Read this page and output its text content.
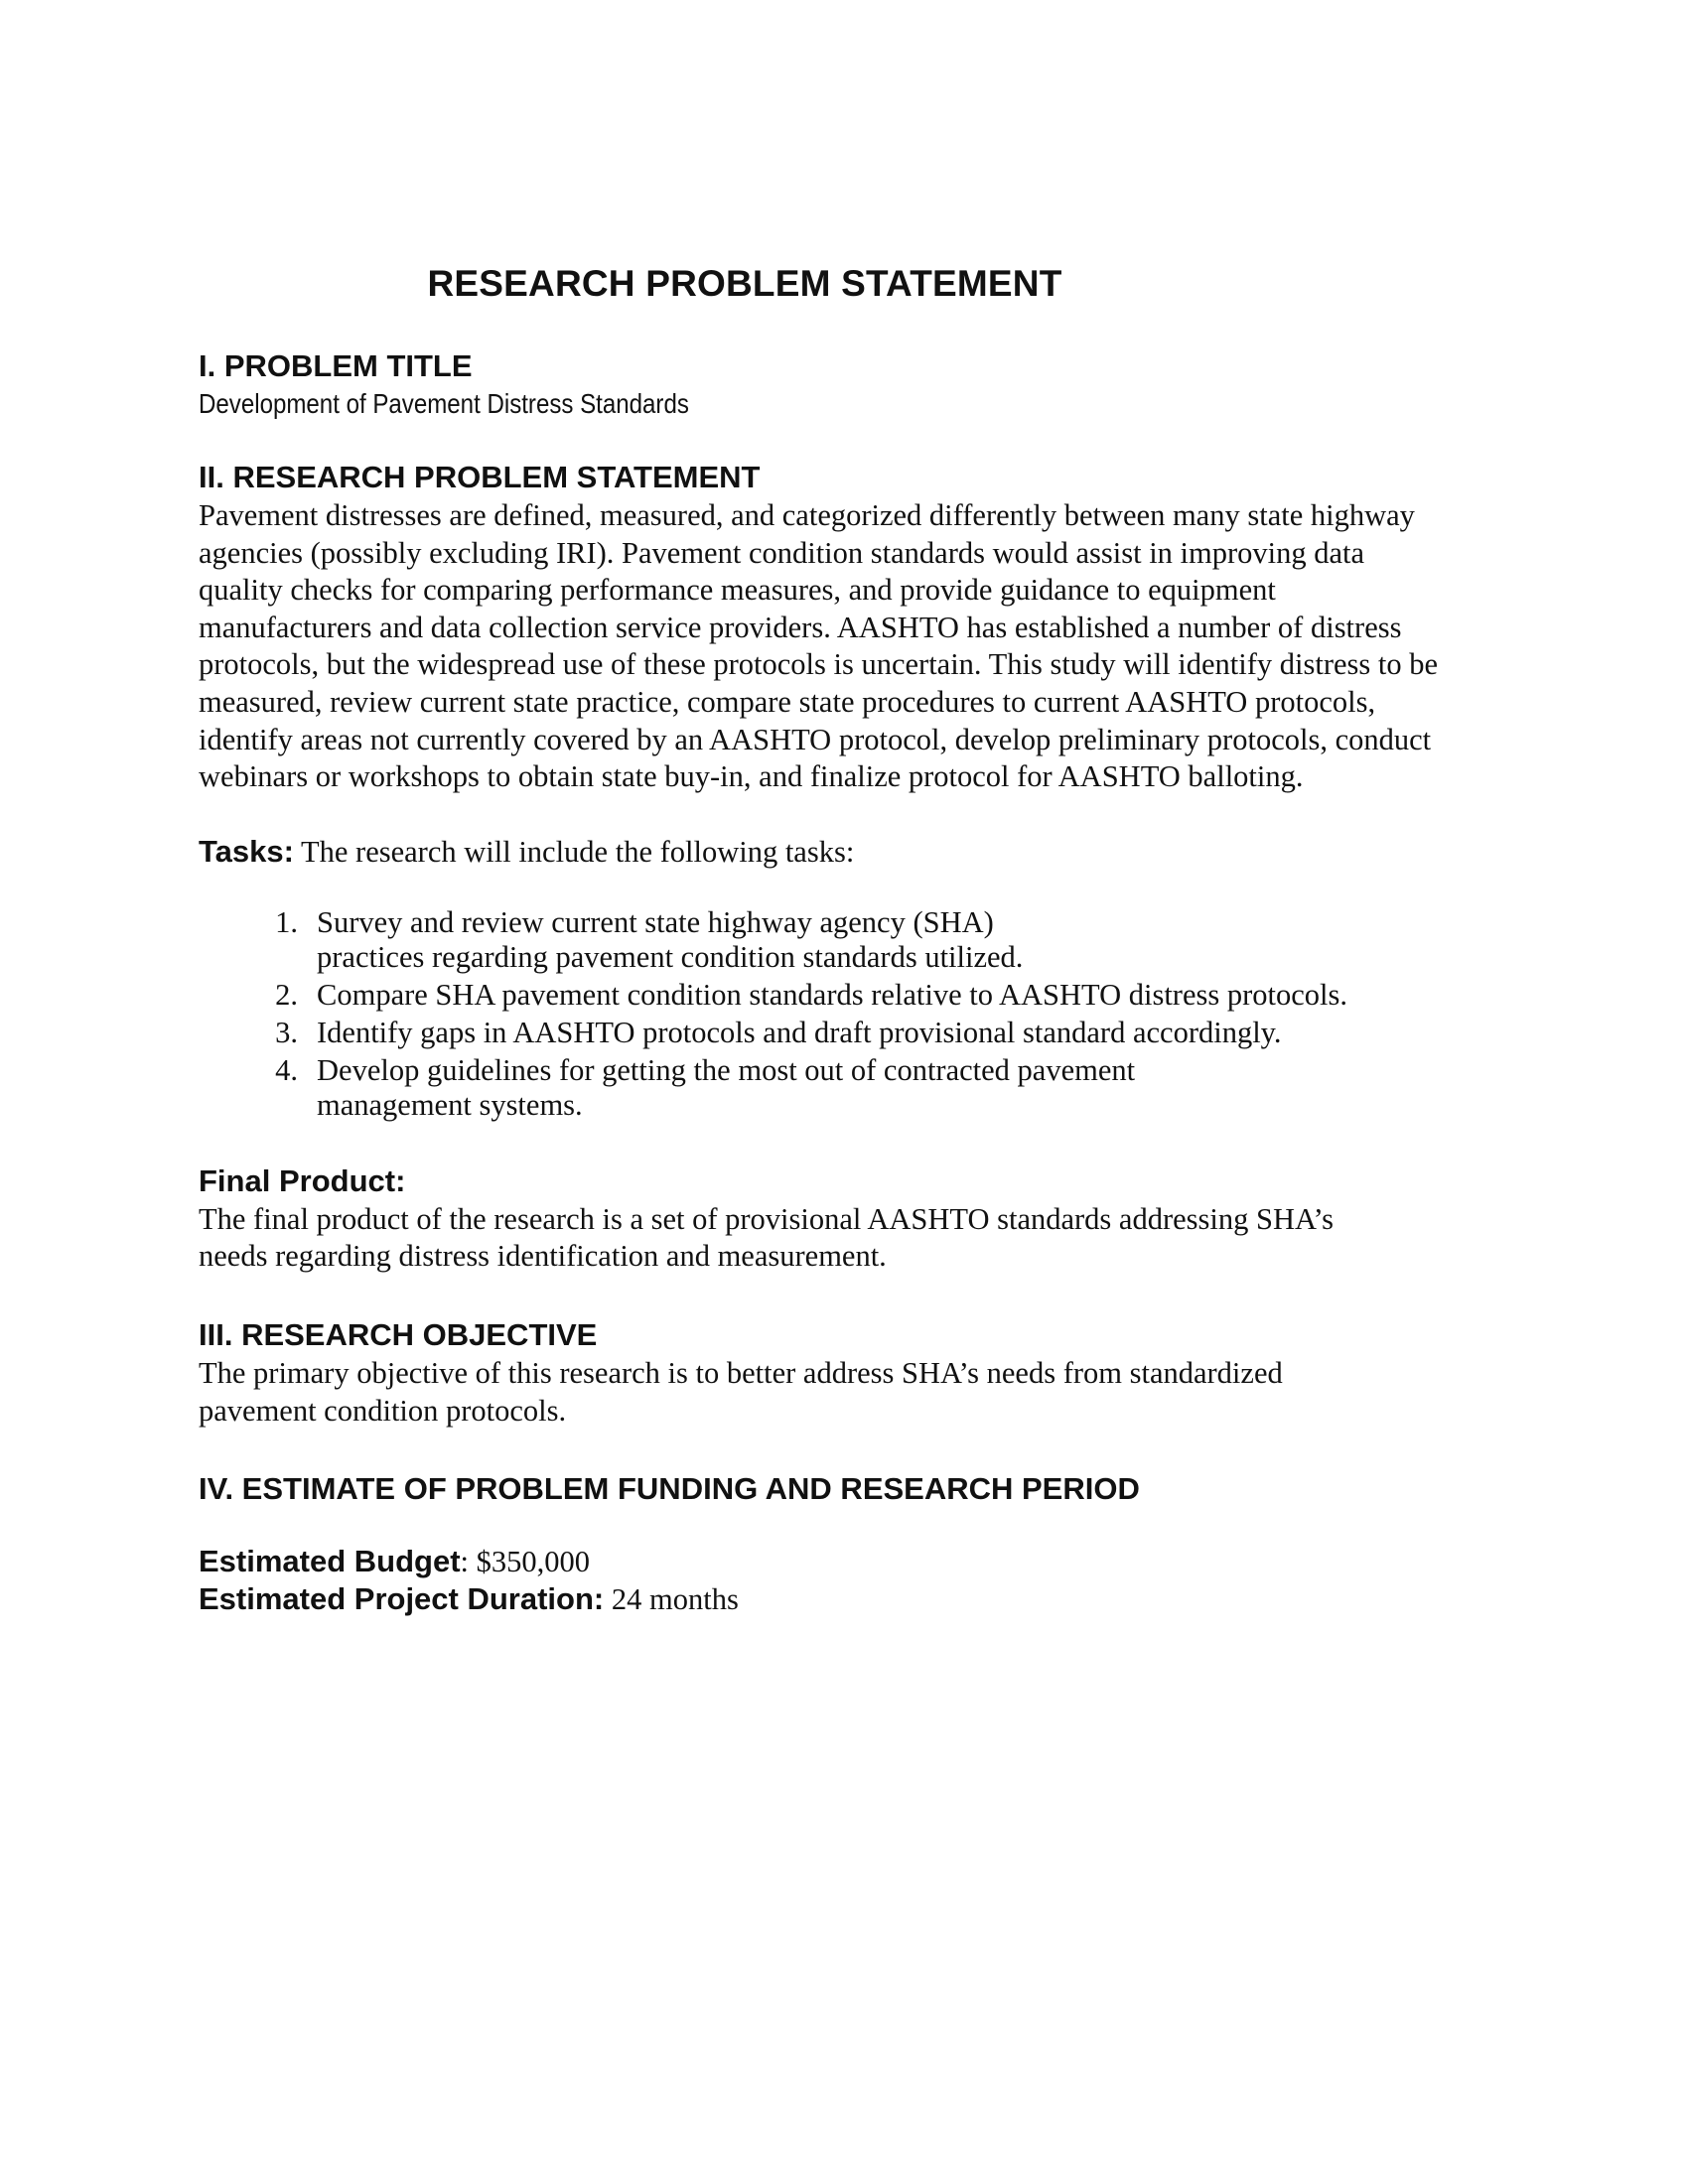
RESEARCH PROBLEM STATEMENT
I. PROBLEM TITLE
Development of Pavement Distress Standards
II. RESEARCH PROBLEM STATEMENT

Pavement distresses are defined, measured, and categorized differently between many state highway agencies (possibly excluding IRI). Pavement condition standards would assist in improving data quality checks for comparing performance measures, and provide guidance to equipment manufacturers and data collection service providers. AASHTO has established a number of distress protocols, but the widespread use of these protocols is uncertain. This study will identify distress to be measured, review current state practice, compare state procedures to current AASHTO protocols, identify areas not currently covered by an AASHTO protocol, develop preliminary protocols, conduct webinars or workshops to obtain state buy-in, and finalize protocol for AASHTO balloting.

Tasks: The research will include the following tasks:

1. Survey and review current state highway agency (SHA) practices regarding pavement condition standards utilized.
2. Compare SHA pavement condition standards relative to AASHTO distress protocols.
3. Identify gaps in AASHTO protocols and draft provisional standard accordingly.
4. Develop guidelines for getting the most out of contracted pavement management systems.
Final Product:

The final product of the research is a set of provisional AASHTO standards addressing SHA’s needs regarding distress identification and measurement.

III. RESEARCH OBJECTIVE

The primary objective of this research is to better address SHA’s needs from standardized pavement condition protocols.

IV. ESTIMATE OF PROBLEM FUNDING AND RESEARCH PERIOD

Estimated Budget: $350,000

Estimated Project Duration: 24 months
